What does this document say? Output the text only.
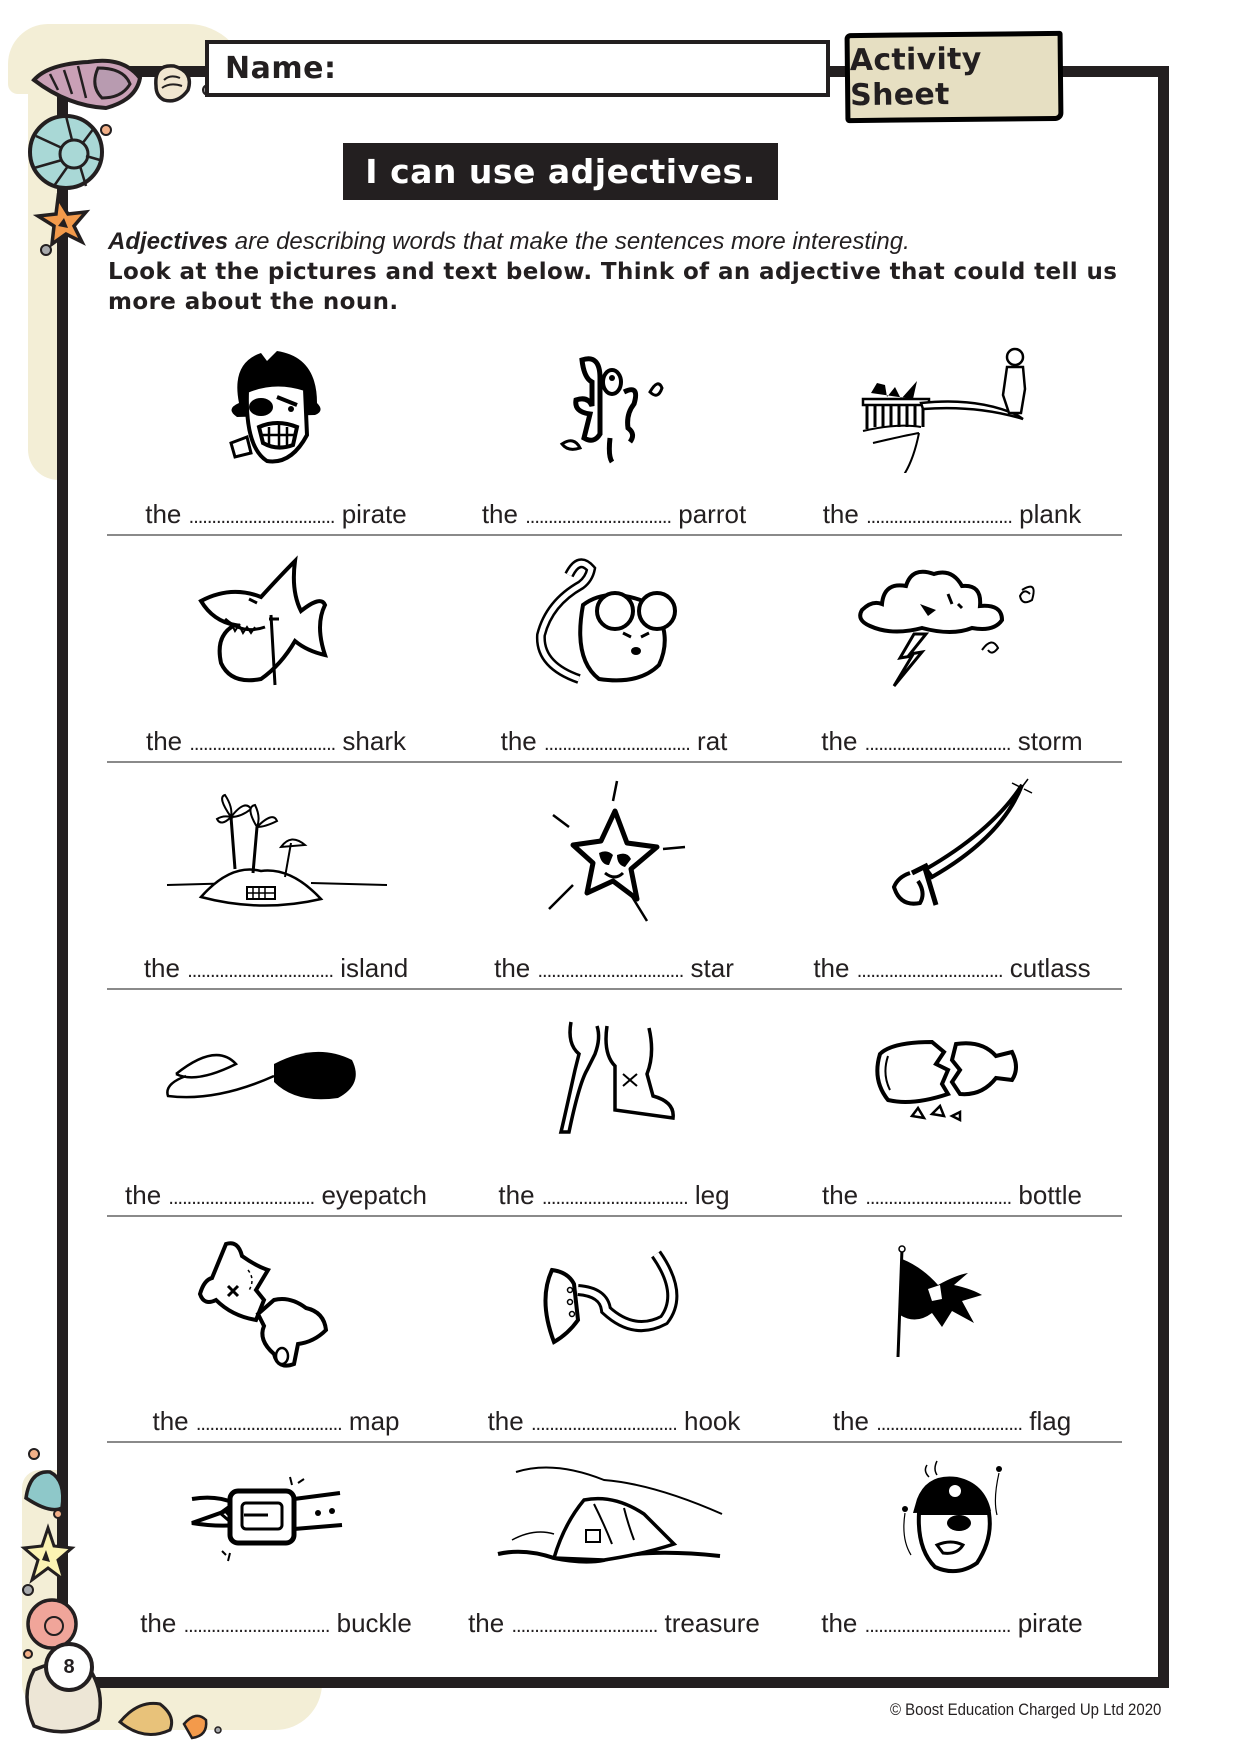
8
Name:	Activity Sheet
I can use adjectives.
Adjectives are describing words that make the sentences more interesting.
Look at the pictures and text below. Think of an adjective that could tell us more about the noun.
the ................................ pirate	the ................................ parrot	the ................................ plank
the ................................ shark	the ................................ rat	the ................................ storm
the ................................ island	the ................................ star	the ................................ cutlass
the ................................ eyepatch	the ................................ leg	the ................................ bottle
the ................................ map	the ................................ hook	the ................................ flag
the ................................ buckle	the ................................ treasure	the ................................ pirate
© Boost Education Charged Up Ltd 2020
